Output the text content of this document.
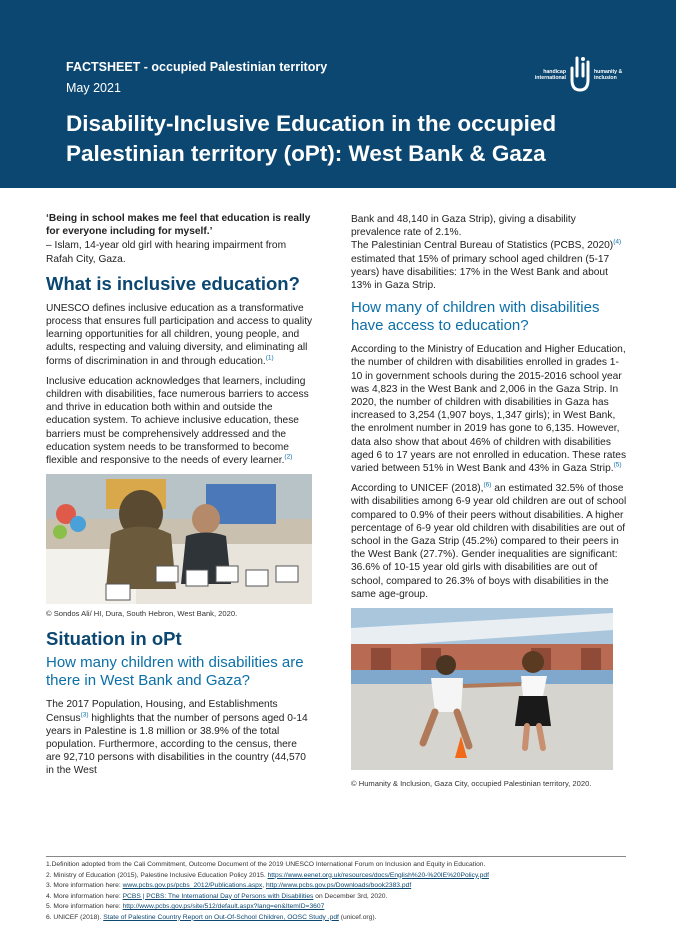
FACTSHEET - occupied Palestinian territory
May 2021
Disability-Inclusive Education in the occupied Palestinian territory (oPt): West Bank & Gaza
handicap international
humanity & inclusion

‘Being in school makes me feel that education is really for everyone including for myself.’

– Islam, 14-year old girl with hearing impairment from Rafah City, Gaza.

What is inclusive education?

UNESCO defines inclusive education as a transformative process that ensures full participation and access to quality learning opportunities for all children, young people, and adults, respecting and valuing diversity, and eliminating all forms of discrimination in and through education.$^{(1)}$

Inclusive education acknowledges that learners, including children with disabilities, face numerous barriers to access and thrive in education both within and outside the education system. To achieve inclusive education, these barriers must be comprehensively addressed and the education system needs to be transformed to become flexible and responsive to the needs of every learner.$^{(2)}$

© Sondos Ali/ HI, Dura, South Hebron, West Bank, 2020.
Situation in oPt
How many children with disabilities are there in West Bank and Gaza?

The 2017 Population, Housing, and Establishments Census$^{(3)}$ highlights that the number of persons aged 0-14 years in Palestine is 1.8 million or 38.9% of the total population. Furthermore, according to the census, there are 92,710 persons with disabilities in the country (44,570 in the West

Bank and 48,140 in Gaza Strip), giving a disability prevalence rate of 2.1%.

The Palestinian Central Bureau of Statistics (PCBS, 2020)$^{(4)}$ estimated that 15% of primary school aged children (5-17 years) have disabilities: 17% in the West Bank and about 13% in Gaza Strip.

How many of children with disabilities have access to education?

According to the Ministry of Education and Higher Education, the number of children with disabilities enrolled in grades 1-10 in government schools during the 2015-2016 school year was 4,823 in the West Bank and 2,006 in the Gaza Strip. In 2020, the number of children with disabilities in Gaza has increased to 3,254 (1,907 boys, 1,347 girls); in West Bank, the enrolment number in 2019 has gone to 6,135. However, data also show that about 46% of children with disabilities aged 6 to 17 years are not enrolled in education. These rates varied between 51% in West Bank and 43% in Gaza Strip.$^{(5)}$

According to UNICEF (2018),$^{(6)}$ an estimated 32.5% of those with disabilities among 6-9 year old children are out of school compared to 0.9% of their peers without disabilities. A higher percentage of 6-9 year old children with disabilities are out of school in the Gaza Strip (45.2%) compared to their peers in the West Bank (27.7%). Gender inequalities are significant: 36.6% of 10-15 year old girls with disabilities are out of school, compared to 26.3% of boys with disabilities in the same age-group.

© Humanity & Inclusion, Gaza City, occupied Palestinian territory, 2020.
1.Definition adopted from the Cali Commitment, Outcome Document of the 2019 UNESCO International Forum on Inclusion and Equity in Education.
2. Ministry of Education (2015), Palestine Inclusive Education Policy 2015. https://www.eenet.org.uk/resources/docs/English%20-%20IE%20Policy.pdf
3. More information here: www.pcbs.gov.ps/pcbs_2012/Publications.aspx, http://www.pcbs.gov.ps/Downloads/book2383.pdf
4. More information here: PCBS | PCBS: The International Day of Persons with Disabilities on December 3rd, 2020.
5. More information here: http://www.pcbs.gov.ps/site/512/default.aspx?lang=en&ItemID=3607
6. UNICEF (2018). State of Palestine Country Report on Out-Of-School Children, OOSC Study .pdf (unicef.org).
